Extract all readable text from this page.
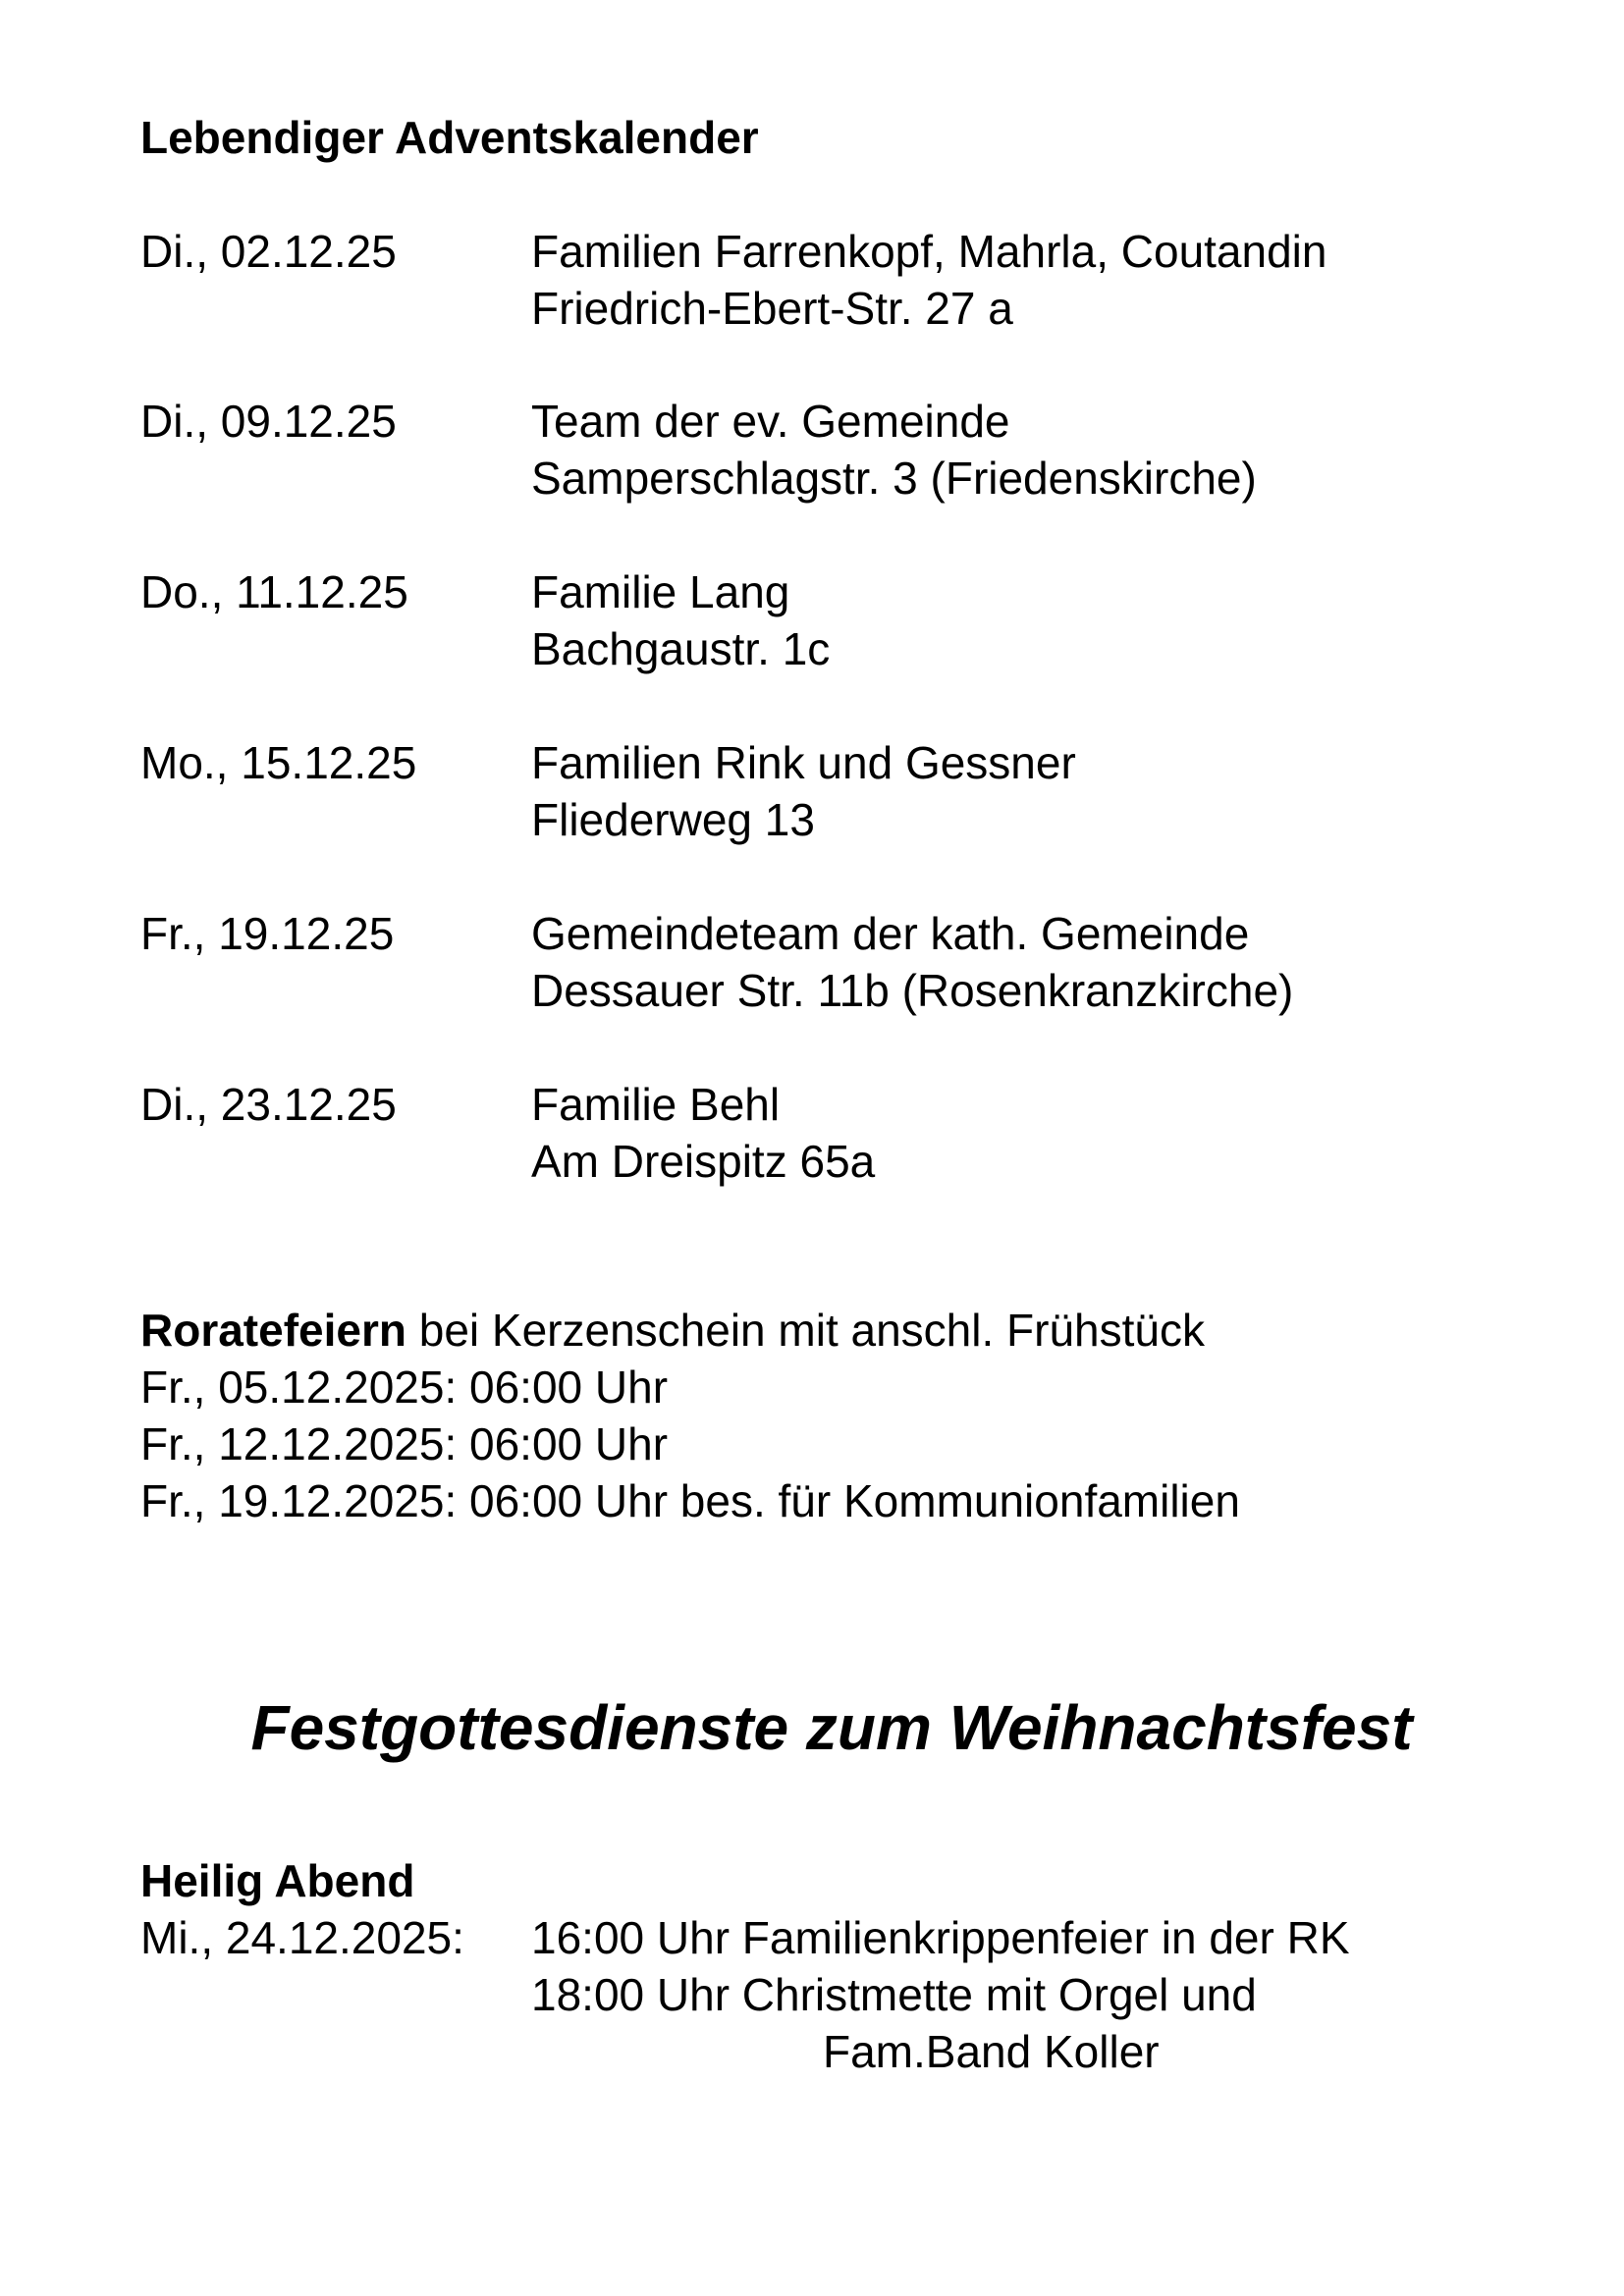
Lebendiger Adventskalender

Di., 02.12.25	Familien Farrenkopf, Mahrla, Coutandin

Friedrich-Ebert-Str. 27 a

Di., 09.12.25	Team der ev. Gemeinde

Samperschlagstr. 3 (Friedenskirche)

Do., 11.12.25	Familie Lang

Bachgaustr. 1c

Mo., 15.12.25	Familien Rink und Gessner

Fliederweg 13

Fr., 19.12.25	Gemeindeteam der kath. Gemeinde

Dessauer Str. 11b (Rosenkranzkirche)

Di., 23.12.25	Familie Behl

Am Dreispitz 65a

Roratefeiern bei Kerzenschein mit anschl. Frühstück

Fr., 05.12.2025: 06:00 Uhr

Fr., 12.12.2025: 06:00 Uhr

Fr., 19.12.2025: 06:00 Uhr bes. für Kommunionfamilien

Festgottesdienste zum Weihnachtsfest

Heilig Abend

Mi., 24.12.2025: 16:00 Uhr Familienkrippenfeier in der RK

18:00 Uhr Christmette mit Orgel und

Fam.Band Koller
